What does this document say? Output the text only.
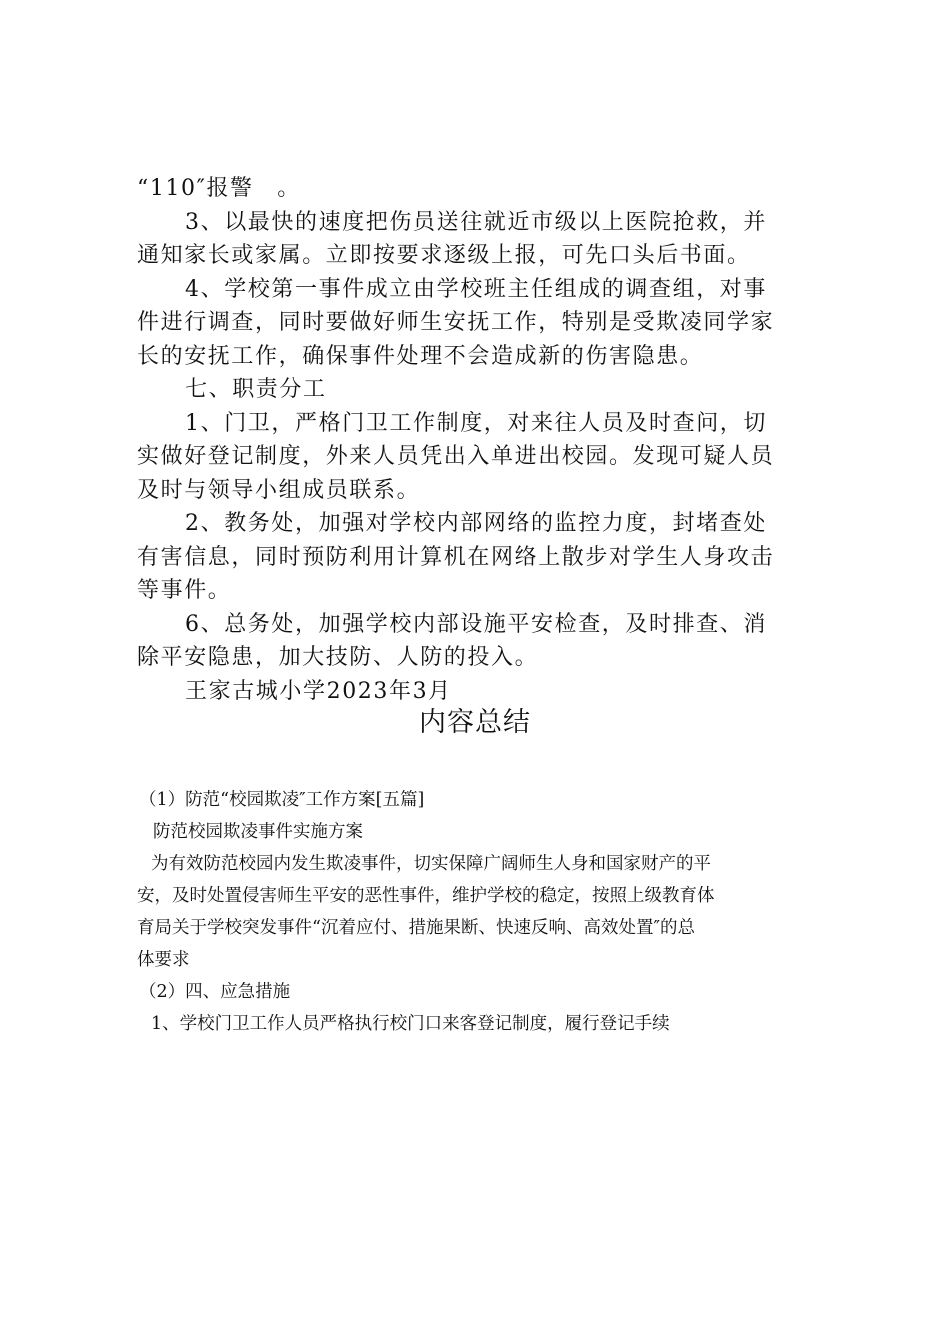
“110″报警　。

3、以最快的速度把伤员送往就近市级以上医院抢救，并

通知家长或家属。立即按要求逐级上报，可先口头后书面。

4、学校第一事件成立由学校班主任组成的调查组，对事

件进行调查，同时要做好师生安抚工作，特别是受欺凌同学家

长的安抚工作，确保事件处理不会造成新的伤害隐患。

七、职责分工

1、门卫，严格门卫工作制度，对来往人员及时查问，切

实做好登记制度，外来人员凭出入单进出校园。发现可疑人员

及时与领导小组成员联系。

2、教务处，加强对学校内部网络的监控力度，封堵查处

有害信息，同时预防利用计算机在网络上散步对学生人身攻击

等事件。

6、总务处，加强学校内部设施平安检查，及时排查、消

除平安隐患，加大技防、人防的投入。

王家古城小学2023年3月

内容总结

（1）防范“校园欺凌″工作方案[五篇]

防范校园欺凌事件实施方案

为有效防范校园内发生欺凌事件，切实保障广阔师生人身和国家财产的平

安，及时处置侵害师生平安的恶性事件，维护学校的稳定，按照上级教育体

育局关于学校突发事件“沉着应付、措施果断、快速反响、高效处置″的总

体要求

（2）四、应急措施

1、学校门卫工作人员严格执行校门口来客登记制度，履行登记手续
